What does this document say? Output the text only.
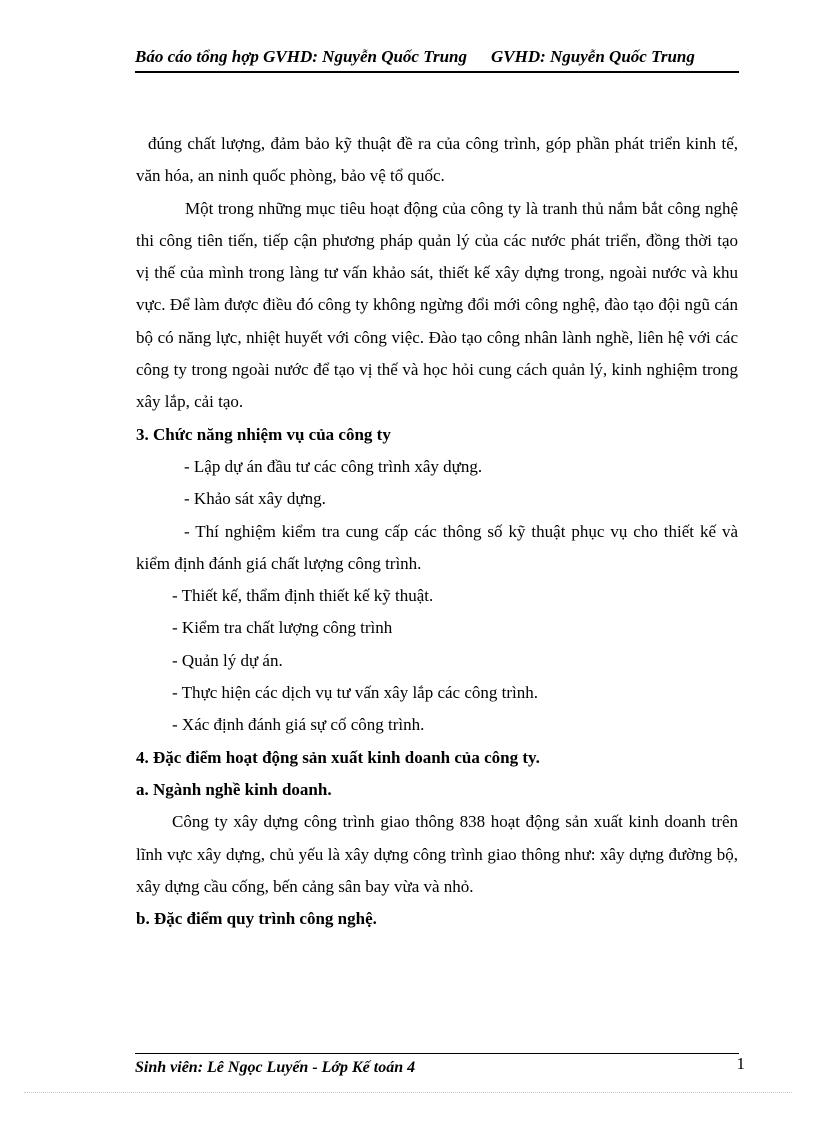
Báo cáo tổng hợp GVHD: Nguyễn Quốc Trung GVHD: Nguyễn Quốc Trung

đúng chất lượng, đảm bảo kỹ thuật đề ra của công trình, góp phần phát triển kinh tế, văn hóa, an ninh quốc phòng, bảo vệ tổ quốc.

Một trong những mục tiêu hoạt động của công ty là tranh thủ nắm bắt công nghệ thi công tiên tiến, tiếp cận phương pháp quản lý của các nước phát triển, đồng thời tạo vị thế của mình trong làng tư vấn khảo sát, thiết kế xây dựng trong, ngoài nước và khu vực. Để làm được điều đó công ty không ngừng đổi mới công nghệ, đào tạo đội ngũ cán bộ có năng lực, nhiệt huyết với công việc. Đào tạo công nhân lành nghề, liên hệ với các công ty trong ngoài nước để tạo vị thế và học hỏi cung cách quản lý, kinh nghiệm trong xây lắp, cải tạo.

3. Chức năng nhiệm vụ của công ty

- Lập dự án đầu tư các công trình xây dựng.

- Khảo sát xây dựng.

- Thí nghiệm kiểm tra cung cấp các thông số kỹ thuật phục vụ cho thiết kế và kiểm định đánh giá chất lượng công trình.

- Thiết kế, thẩm định thiết kế kỹ thuật.

- Kiểm tra chất lượng công trình

- Quản lý dự án.

- Thực hiện các dịch vụ tư vấn xây lắp các công trình.

- Xác định đánh giá sự cố công trình.

4. Đặc điểm hoạt động sản xuất kinh doanh của công ty.

a. Ngành nghề kinh doanh.

Công ty xây dựng công trình giao thông 838 hoạt động sản xuất kinh doanh trên lĩnh vực xây dựng, chủ yếu là xây dựng công trình giao thông như: xây dựng đường bộ, xây dựng cầu cống, bến cảng sân bay vừa và nhỏ.

b. Đặc điểm quy trình công nghệ.

Sinh viên: Lê Ngọc Luyến - Lớp Kế toán 4	1
